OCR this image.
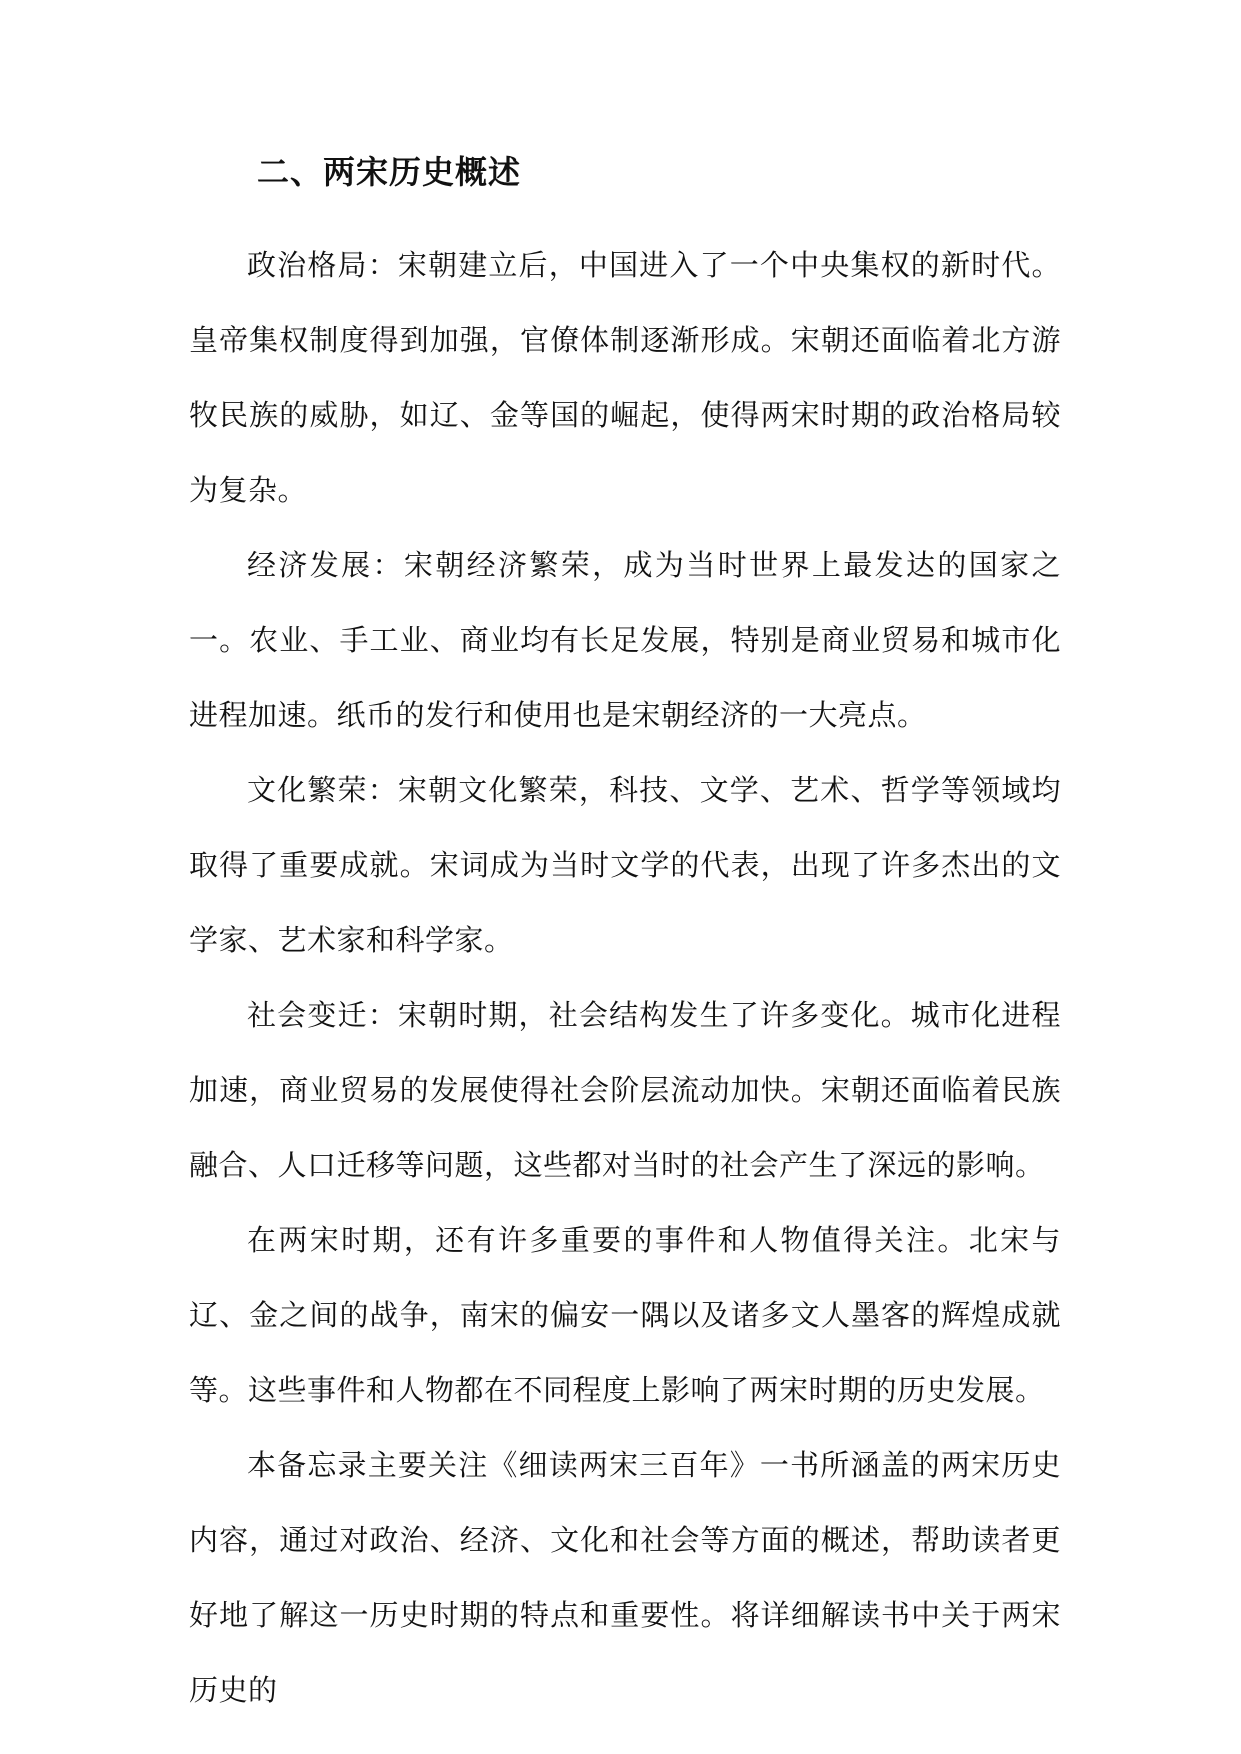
二、两宋历史概述

政治格局：宋朝建立后，中国进入了一个中央集权的新时代。皇帝集权制度得到加强，官僚体制逐渐形成。宋朝还面临着北方游牧民族的威胁，如辽、金等国的崛起，使得两宋时期的政治格局较为复杂。

经济发展：宋朝经济繁荣，成为当时世界上最发达的国家之一。农业、手工业、商业均有长足发展，特别是商业贸易和城市化进程加速。纸币的发行和使用也是宋朝经济的一大亮点。

文化繁荣：宋朝文化繁荣，科技、文学、艺术、哲学等领域均取得了重要成就。宋词成为当时文学的代表，出现了许多杰出的文学家、艺术家和科学家。

社会变迁：宋朝时期，社会结构发生了许多变化。城市化进程加速，商业贸易的发展使得社会阶层流动加快。宋朝还面临着民族融合、人口迁移等问题，这些都对当时的社会产生了深远的影响。

在两宋时期，还有许多重要的事件和人物值得关注。北宋与辽、金之间的战争，南宋的偏安一隅以及诸多文人墨客的辉煌成就等。这些事件和人物都在不同程度上影响了两宋时期的历史发展。

本备忘录主要关注《细读两宋三百年》一书所涵盖的两宋历史内容，通过对政治、经济、文化和社会等方面的概述，帮助读者更好地了解这一历史时期的特点和重要性。将详细解读书中关于两宋历史的
